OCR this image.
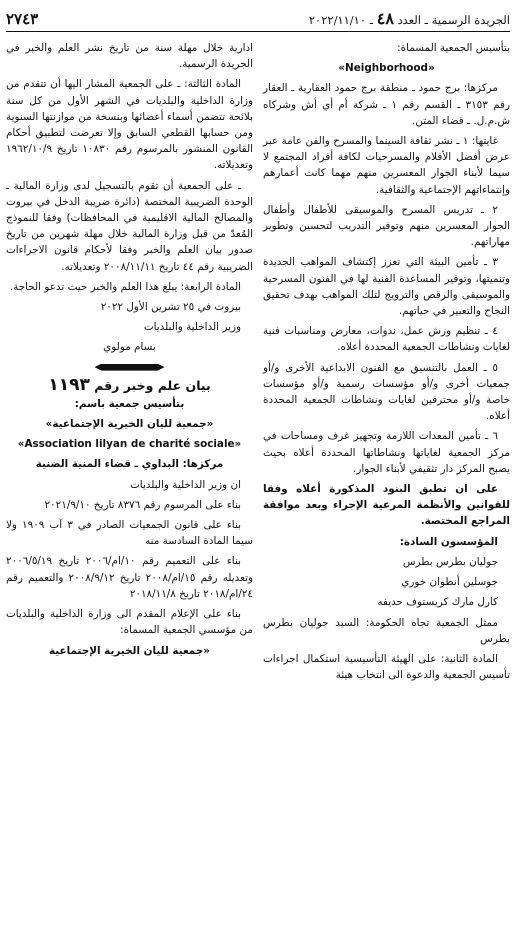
الجريدة الرسمية ـ العدد ٤٨ ـ ٢٠٢٢/١١/١٠
٢٧٤٣

بتأسيس الجمعية المسماة:

«Neighborhood»

مركزها: برج حمود ـ منطقة برج حمود العقارية ـ العقار رقم ٣١٥٣ ـ القسم رقم ١ ـ شركة أم أي أش وشركاه ش.م.ل. ـ قضاء المتن.

غايتها: ١ ـ نشر ثقافة السينما والمسرح والفن عامة عبر عرض أفضل الأفلام والمسرحيات لكافة أفراد المجتمع لا سيما لأبناء الجوار المعسرين منهم مهما كانت أعمارهم وإنتماءاتهم الإجتماعية والثقافية.

٢ ـ تدريس المسرح والموسيقى للأطفال وأطفال الجوار المعسرين منهم وتوفير التدريب لتحسين وتطوير مهاراتهم.

٣ ـ تأمين البيئة التي تعزز إكتشاف المواهب الجديدة وتنميتها، وتوفير المساعدة الفنية لها في الفنون المسرحية والموسيقى والرقص والترويج لتلك المواهب بهدف تحقيق النجاح والتعبير في حياتهم.

٤ ـ تنظيم ورش عمل، ندوات، معارض ومناسبات فنية لغايات ونشاطات الجمعية المحددة أعلاه.

٥ ـ العمل بالتنسيق مع الفنون الابداعية الأخرى و/أو جمعيات أخرى و/أو مؤسسات رسمية و/أو مؤسسات خاصة و/أو محترفين لغايات ونشاطات الجمعية المحددة أعلاه.

٦ ـ تأمين المعدات اللازمة وتجهيز غرف ومساحات في مركز الجمعية لغاياتها ونشاطاتها المحددة أعلاه بحيث يصبح المركز دار تثقيفي لأبناء الجوار.

على ان تطبق البنود المذكورة أعلاه وفقا للقوانين والأنظمة المرعية الإجراء وبعد موافقة المراجع المختصة.

المؤسسون السادة:

جوليان بطرس بطرس

جوسلين أنطوان خوري

كارل مارك كريستوف حديفه

ممثل الجمعية تجاه الحكومة: السيد جوليان بطرس بطرس

المادة الثانية: على الهيئة التأسيسية استكمال اجراءات تأسيس الجمعية والدعوة الى انتخاب هيئة

ادارية خلال مهلة سنة من تاريخ نشر العلم والخبر في الجريدة الرسمية.

المادة الثالثة: ـ على الجمعية المشار اليها أن تتقدم من وزارة الداخلية والبلديات في الشهر الأول من كل سنة بلائحة تتضمن أسماء أعضائها وبنسخة من موازنتها السنوية ومن حسابها القطعي السابق وإلا تعرضت لتطبيق أحكام القانون المنشور بالمرسوم رقم ١٠٨٣٠ تاريخ ١٩٦٢/١٠/٩ وتعديلاته.

ـ على الجمعية أن تقوم بالتسجيل لدى وزارة المالية ـ الوحدة الضريبية المختصة (دائرة ضريبة الدخل في بيروت والمصالح المالية الاقليمية في المحافظات) وفقا للنموذج المُعدّ من قبل وزارة المالية خلال مهلة شهرين من تاريخ صدور بيان العلم والخبر وفقا لأحكام قانون الاجراءات الضريبية رقم ٤٤ تاريخ ٢٠٠٨/١١/١١ وتعديلاته.

المادة الرابعة: يبلغ هذا العلم والخبر حيث تدعو الحاجة.

بيروت في ٢٥ تشرين الأول ٢٠٢٢

وزير الداخلية والبلديات

بسام مولوي

بيان علم وخبر رقم ١١٩٣

بتأسيس جمعية باسم:

«جمعية لليان الخيرية الإجتماعية»

«Association lilyan de charité sociale»

مركزها: البداوي ـ قضاء المنية الضنية

ان وزير الداخلية والبلديات

بناء على المرسوم رقم ٨٣٧٦ تاريخ ٢٠٢١/٩/١٠

بناء على قانون الجمعيات الصادر في ٣ آب ١٩٠٩ ولا سيما المادة السادسة منه

بناء على التعميم رقم ١٠/ام/٢٠٠٦ تاريخ ٢٠٠٦/٥/١٩ وتعديله رقم ١٥/ام/٢٠٠٨ تاريخ ٢٠٠٨/٩/١٢ والتعميم رقم ٢٤/ام/٢٠١٨ تاريخ ٢٠١٨/١١/٨

بناء على الإعلام المقدم الى وزارة الداخلية والبلديات من مؤسسي الجمعية المسماة:

«جمعية لليان الخيرية الإجتماعية
